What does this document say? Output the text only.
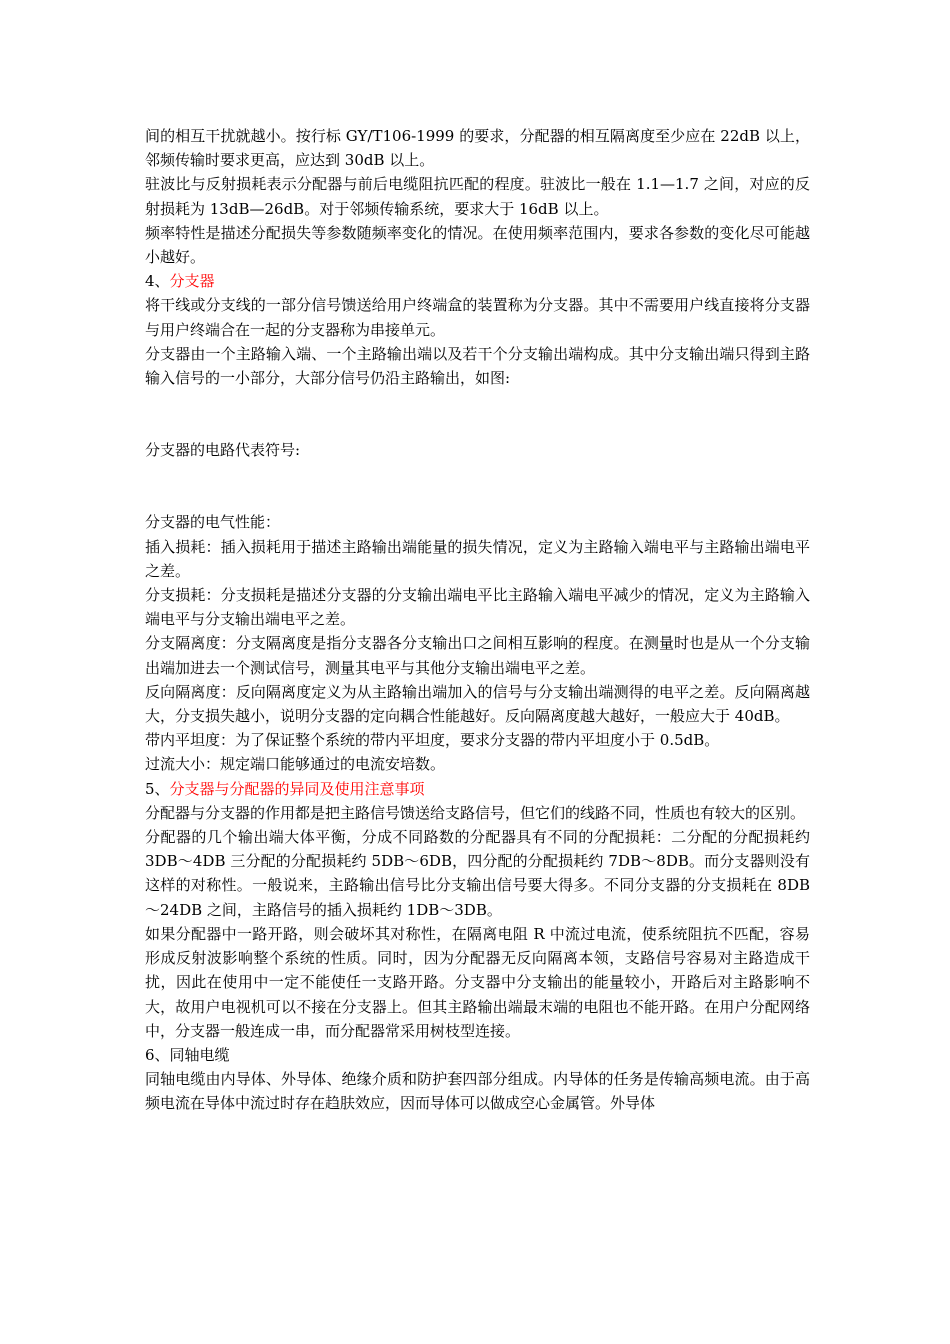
间的相互干扰就越小。按行标 GY/T106-1999 的要求，分配器的相互隔离度至少应在 22dB 以上，邻频传输时要求更高，应达到 30dB 以上。

驻波比与反射损耗表示分配器与前后电缆阻抗匹配的程度。驻波比一般在 1.1—1.7 之间，对应的反射损耗为 13dB—26dB。对于邻频传输系统，要求大于 16dB 以上。

频率特性是描述分配损失等参数随频率变化的情况。在使用频率范围内，要求各参数的变化尽可能越小越好。

4、分支器

将干线或分支线的一部分信号馈送给用户终端盒的装置称为分支器。其中不需要用户线直接将分支器与用户终端合在一起的分支器称为串接单元。

分支器由一个主路输入端、一个主路输出端以及若干个分支输出端构成。其中分支输出端只得到主路输入信号的一小部分，大部分信号仍沿主路输出，如图:

分支器的电路代表符号:

分支器的电气性能：

插入损耗：插入损耗用于描述主路输出端能量的损失情况，定义为主路输入端电平与主路输出端电平之差。

分支损耗：分支损耗是描述分支器的分支输出端电平比主路输入端电平减少的情况，定义为主路输入端电平与分支输出端电平之差。

分支隔离度：分支隔离度是指分支器各分支输出口之间相互影响的程度。在测量时也是从一个分支输出端加进去一个测试信号，测量其电平与其他分支输出端电平之差。

反向隔离度：反向隔离度定义为从主路输出端加入的信号与分支输出端测得的电平之差。反向隔离越大，分支损失越小，说明分支器的定向耦合性能越好。反向隔离度越大越好，一般应大于 40dB。

带内平坦度：为了保证整个系统的带内平坦度，要求分支器的带内平坦度小于 0.5dB。

过流大小：规定端口能够通过的电流安培数。

5、分支器与分配器的异同及使用注意事项

分配器与分支器的作用都是把主路信号馈送给支路信号，但它们的线路不同，性质也有较大的区别。

分配器的几个输出端大体平衡，分成不同路数的分配器具有不同的分配损耗：二分配的分配损耗约 3DB～4DB 三分配的分配损耗约 5DB～6DB，四分配的分配损耗约 7DB～8DB。而分支器则没有这样的对称性。一般说来，主路输出信号比分支输出信号要大得多。不同分支器的分支损耗在 8DB～24DB 之间，主路信号的插入损耗约 1DB～3DB。

如果分配器中一路开路，则会破坏其对称性，在隔离电阻 R 中流过电流，使系统阻抗不匹配，容易形成反射波影响整个系统的性质。同时，因为分配器无反向隔离本领，支路信号容易对主路造成干扰，因此在使用中一定不能使任一支路开路。分支器中分支输出的能量较小，开路后对主路影响不大，故用户电视机可以不接在分支器上。但其主路输出端最末端的电阻也不能开路。在用户分配网络中，分支器一般连成一串，而分配器常采用树枝型连接。

6、同轴电缆

同轴电缆由内导体、外导体、绝缘介质和防护套四部分组成。内导体的任务是传输高频电流。由于高频电流在导体中流过时存在趋肤效应，因而导体可以做成空心金属管。外导体
